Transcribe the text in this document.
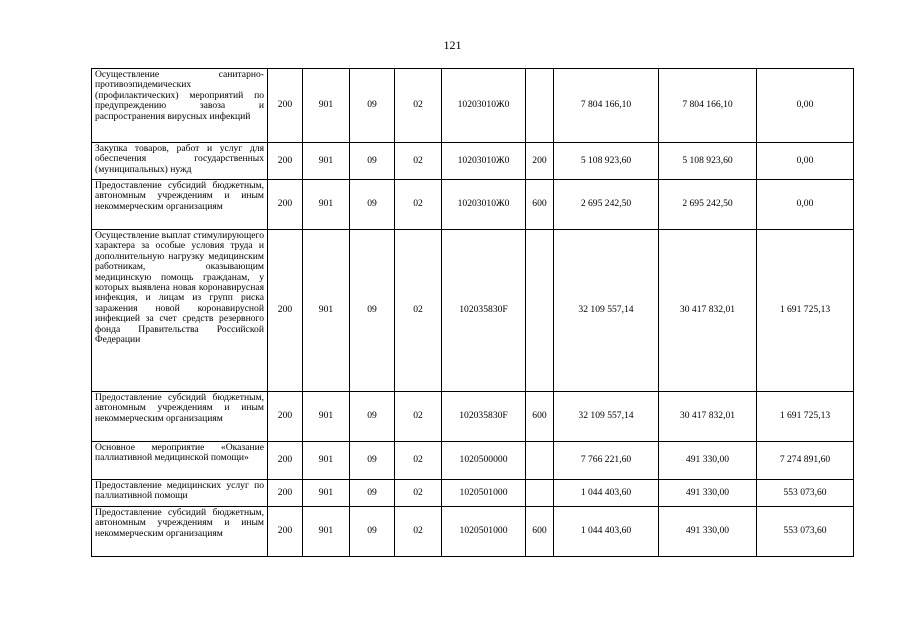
121
Осуществление санитарно-противоэпидемических (профилактических) мероприятий по предупреждению завоза и распространения вирусных инфекций	200	901	09	02	10203010Ж0		7 804 166,10	7 804 166,10	0,00
Закупка товаров, работ и услуг для обеспечения государственных (муниципальных) нужд	200	901	09	02	10203010Ж0	200	5 108 923,60	5 108 923,60	0,00
Предоставление субсидий бюджетным, автономным учреждениям и иным некоммерческим организациям	200	901	09	02	10203010Ж0	600	2 695 242,50	2 695 242,50	0,00
Осуществление выплат стимулирующего характера за особые условия труда и дополнительную нагрузку медицинским работникам, оказывающим медицинскую помощь гражданам, у которых выявлена новая коронавирусная инфекция, и лицам из групп риска заражения новой коронавирусной инфекцией за счет средств резервного фонда Правительства Российской Федерации	200	901	09	02	102035830F		32 109 557,14	30 417 832,01	1 691 725,13
Предоставление субсидий бюджетным, автономным учреждениям и иным некоммерческим организациям	200	901	09	02	102035830F	600	32 109 557,14	30 417 832,01	1 691 725,13
Основное мероприятие «Оказание паллиативной медицинской помощи»	200	901	09	02	1020500000		7 766 221,60	491 330,00	7 274 891,60
Предоставление медицинских услуг по паллиативной помощи	200	901	09	02	1020501000		1 044 403,60	491 330,00	553 073,60
Предоставление субсидий бюджетным, автономным учреждениям и иным некоммерческим организациям	200	901	09	02	1020501000	600	1 044 403,60	491 330,00	553 073,60
